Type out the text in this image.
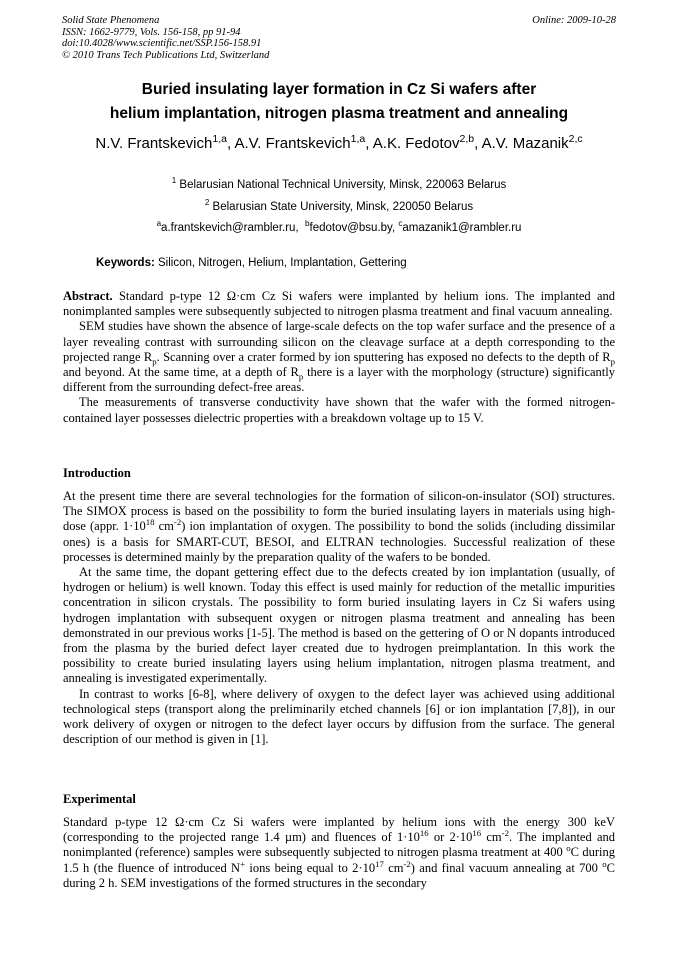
Solid State Phenomena
ISSN: 1662-9779, Vols. 156-158, pp 91-94
doi:10.4028/www.scientific.net/SSP.156-158.91
© 2010 Trans Tech Publications Ltd, Switzerland
Online: 2009-10-28
Buried insulating layer formation in Cz Si wafers after
helium implantation, nitrogen plasma treatment and annealing
N.V. Frantskevich$^{1,a}$, A.V. Frantskevich$^{1,a}$, A.K. Fedotov$^{2,b}$, A.V. Mazanik$^{2,c}$
$^1$ Belarusian National Technical University, Minsk, 220063 Belarus
$^2$ Belarusian State University, Minsk, 220050 Belarus
$^a$a.frantskevich@rambler.ru, $^b$fedotov@bsu.by, $^c$amazanik1@rambler.ru
Keywords: Silicon, Nitrogen, Helium, Implantation, Gettering

Abstract. Standard p-type 12 Ω·cm Cz Si wafers were implanted by helium ions. The implanted and nonimplanted samples were subsequently subjected to nitrogen plasma treatment and final vacuum annealing.

SEM studies have shown the absence of large-scale defects on the top wafer surface and the presence of a layer revealing contrast with surrounding silicon on the cleavage surface at a depth corresponding to the projected range $R_p$. Scanning over a crater formed by ion sputtering has exposed no defects to the depth of $R_p$ and beyond. At the same time, at a depth of $R_p$ there is a layer with the morphology (structure) significantly different from the surrounding defect-free areas.

The measurements of transverse conductivity have shown that the wafer with the formed nitrogen-contained layer possesses dielectric properties with a breakdown voltage up to 15 V.

Introduction

At the present time there are several technologies for the formation of silicon-on-insulator (SOI) structures. The SIMOX process is based on the possibility to form the buried insulating layers in materials using high-dose (appr. $1\cdot 10^{18}$ $cm^{-2}$) ion implantation of oxygen. The possibility to bond the solids (including dissimilar ones) is a basis for SMART-CUT, BESOI, and ELTRAN technologies. Successful realization of these processes is determined mainly by the preparation quality of the wafers to be bonded.

At the same time, the dopant gettering effect due to the defects created by ion implantation (usually, of hydrogen or helium) is well known. Today this effect is used mainly for reduction of the metallic impurities concentration in silicon crystals. The possibility to form buried insulating layers in Cz Si wafers using hydrogen implantation with subsequent oxygen or nitrogen plasma treatment and annealing has been demonstrated in our previous works [1-5]. The method is based on the gettering of O or N dopants introduced from the plasma by the buried defect layer created due to hydrogen preimplantation. In this work the possibility to create buried insulating layers using helium implantation, nitrogen plasma treatment, and annealing is investigated experimentally.

In contrast to works [6-8], where delivery of oxygen to the defect layer was achieved using additional technological steps (transport along the preliminarily etched channels [6] or ion implantation [7,8]), in our work delivery of oxygen or nitrogen to the defect layer occurs by diffusion from the surface. The general description of our method is given in [1].

Experimental

Standard p-type 12 Ω·cm Cz Si wafers were implanted by helium ions with the energy 300 keV (corresponding to the projected range 1.4 µm) and fluences of $1\cdot 10^{16}$ or $2\cdot 10^{16}$ $cm^{-2}$. The implanted and nonimplanted (reference) samples were subsequently subjected to nitrogen plasma treatment at 400 $^o$C during 1.5 h (the fluence of introduced N+ ions being equal to $2\cdot 10^{17}$ $cm^{-2}$) and final vacuum annealing at 700 $^o$C during 2 h. SEM investigations of the formed structures in the secondary
